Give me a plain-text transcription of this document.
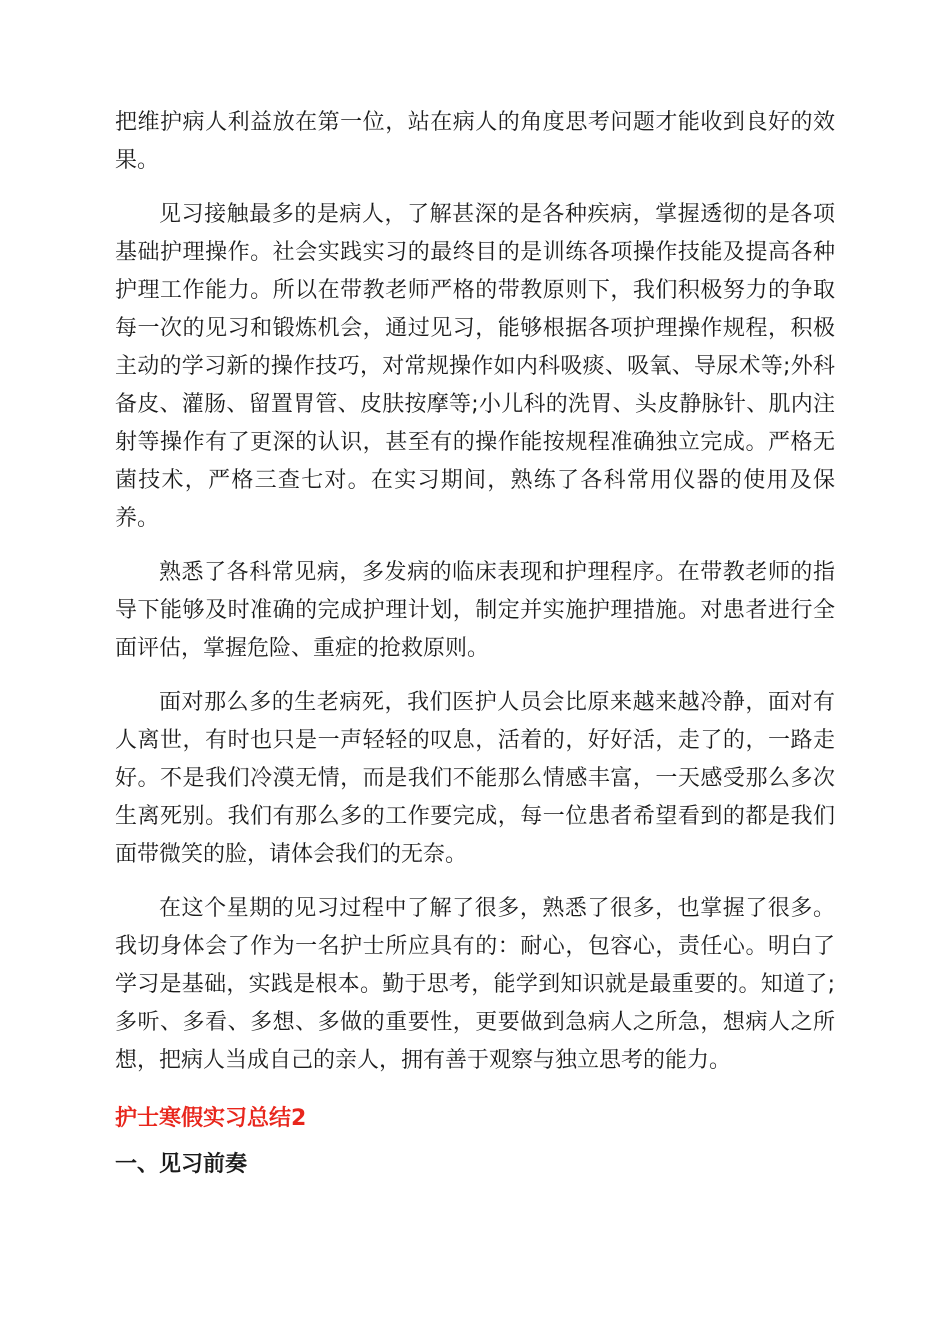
把维护病人利益放在第一位，站在病人的角度思考问题才能收到良好的效果。

见习接触最多的是病人，了解甚深的是各种疾病，掌握透彻的是各项基础护理操作。社会实践实习的最终目的是训练各项操作技能及提高各种护理工作能力。所以在带教老师严格的带教原则下，我们积极努力的争取每一次的见习和锻炼机会，通过见习，能够根据各项护理操作规程，积极主动的学习新的操作技巧，对常规操作如内科吸痰、吸氧、导尿术等;外科备皮、灌肠、留置胃管、皮肤按摩等;小儿科的洗胃、头皮静脉针、肌内注射等操作有了更深的认识，甚至有的操作能按规程准确独立完成。严格无菌技术，严格三查七对。在实习期间，熟练了各科常用仪器的使用及保养。

熟悉了各科常见病，多发病的临床表现和护理程序。在带教老师的指导下能够及时准确的完成护理计划，制定并实施护理措施。对患者进行全面评估，掌握危险、重症的抢救原则。

面对那么多的生老病死，我们医护人员会比原来越来越冷静，面对有人离世，有时也只是一声轻轻的叹息，活着的，好好活，走了的，一路走好。不是我们冷漠无情，而是我们不能那么情感丰富，一天感受那么多次生离死别。我们有那么多的工作要完成，每一位患者希望看到的都是我们面带微笑的脸，请体会我们的无奈。

在这个星期的见习过程中了解了很多，熟悉了很多，也掌握了很多。我切身体会了作为一名护士所应具有的：耐心，包容心，责任心。明白了学习是基础，实践是根本。勤于思考，能学到知识就是最重要的。知道了;多听、多看、多想、多做的重要性，更要做到急病人之所急，想病人之所想，把病人当成自己的亲人，拥有善于观察与独立思考的能力。

护士寒假实习总结2
一、见习前奏
